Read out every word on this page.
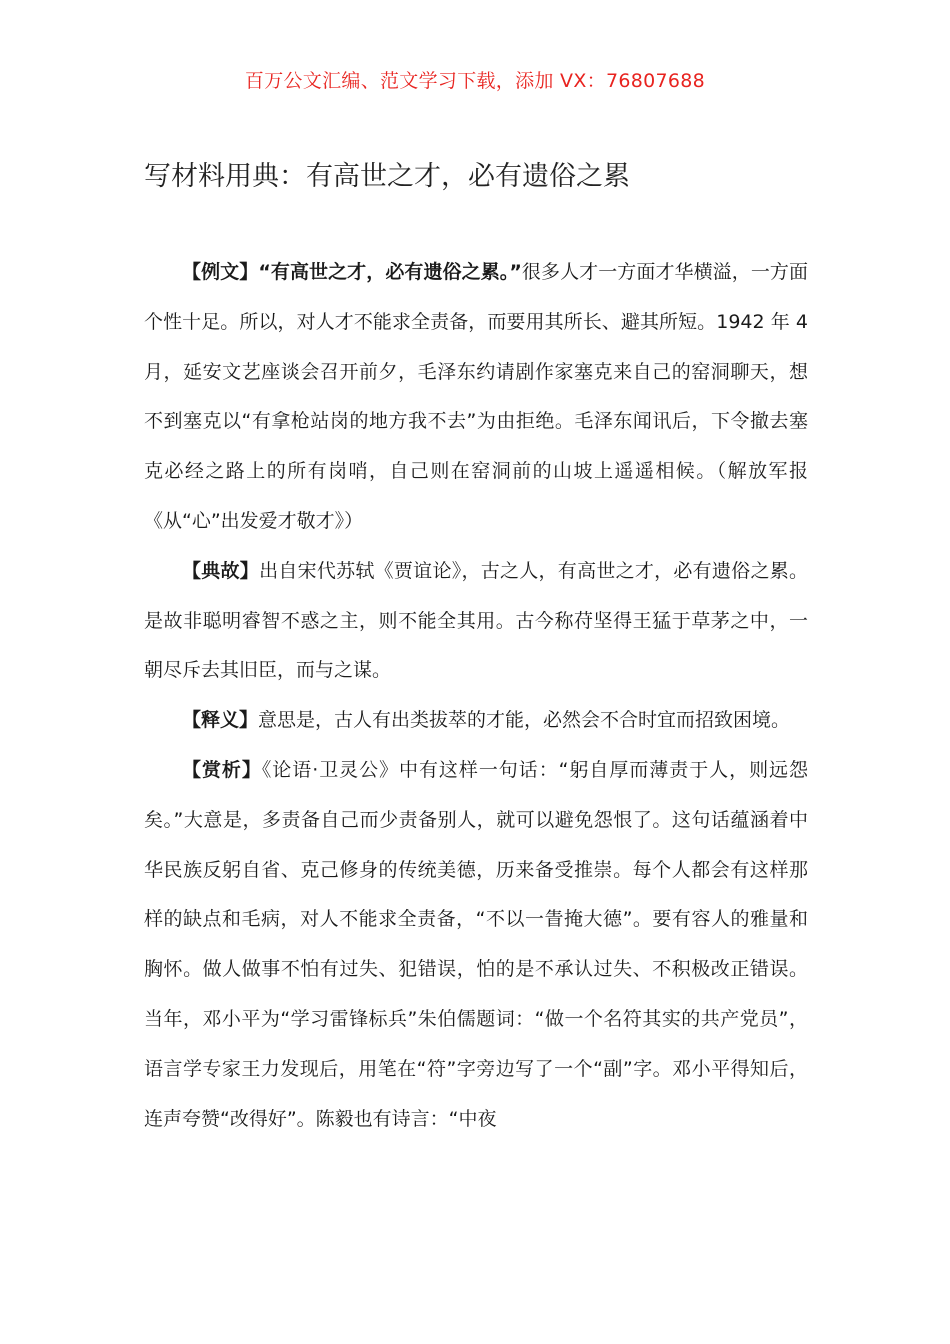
百万公文汇编、范文学习下载，添加 VX：76807688
写材料用典：有高世之才，必有遗俗之累

【例文】“有高世之才，必有遗俗之累。”很多人才一方面才华横溢，一方面个性十足。所以，对人才不能求全责备，而要用其所长、避其所短。1942 年 4 月，延安文艺座谈会召开前夕，毛泽东约请剧作家塞克来自己的窑洞聊天，想不到塞克以“有拿枪站岗的地方我不去”为由拒绝。毛泽东闻讯后，下令撤去塞克必经之路上的所有岗哨，自己则在窑洞前的山坡上遥遥相候。（解放军报《从“心”出发爱才敬才》）

【典故】出自宋代苏轼《贾谊论》，古之人，有高世之才，必有遗俗之累。是故非聪明睿智不惑之主，则不能全其用。古今称苻坚得王猛于草茅之中，一朝尽斥去其旧臣，而与之谋。

【释义】意思是，古人有出类拔萃的才能，必然会不合时宜而招致困境。

【赏析】《论语·卫灵公》中有这样一句话：“躬自厚而薄责于人，则远怨矣。”大意是，多责备自己而少责备别人，就可以避免怨恨了。这句话蕴涵着中华民族反躬自省、克己修身的传统美德，历来备受推崇。每个人都会有这样那样的缺点和毛病，对人不能求全责备，“不以一眚掩大德”。要有容人的雅量和胸怀。做人做事不怕有过失、犯错误，怕的是不承认过失、不积极改正错误。当年，邓小平为“学习雷锋标兵”朱伯儒题词：“做一个名符其实的共产党员”，语言学专家王力发现后，用笔在“符”字旁边写了一个“副”字。邓小平得知后，连声夸赞“改得好”。陈毅也有诗言：“中夜
